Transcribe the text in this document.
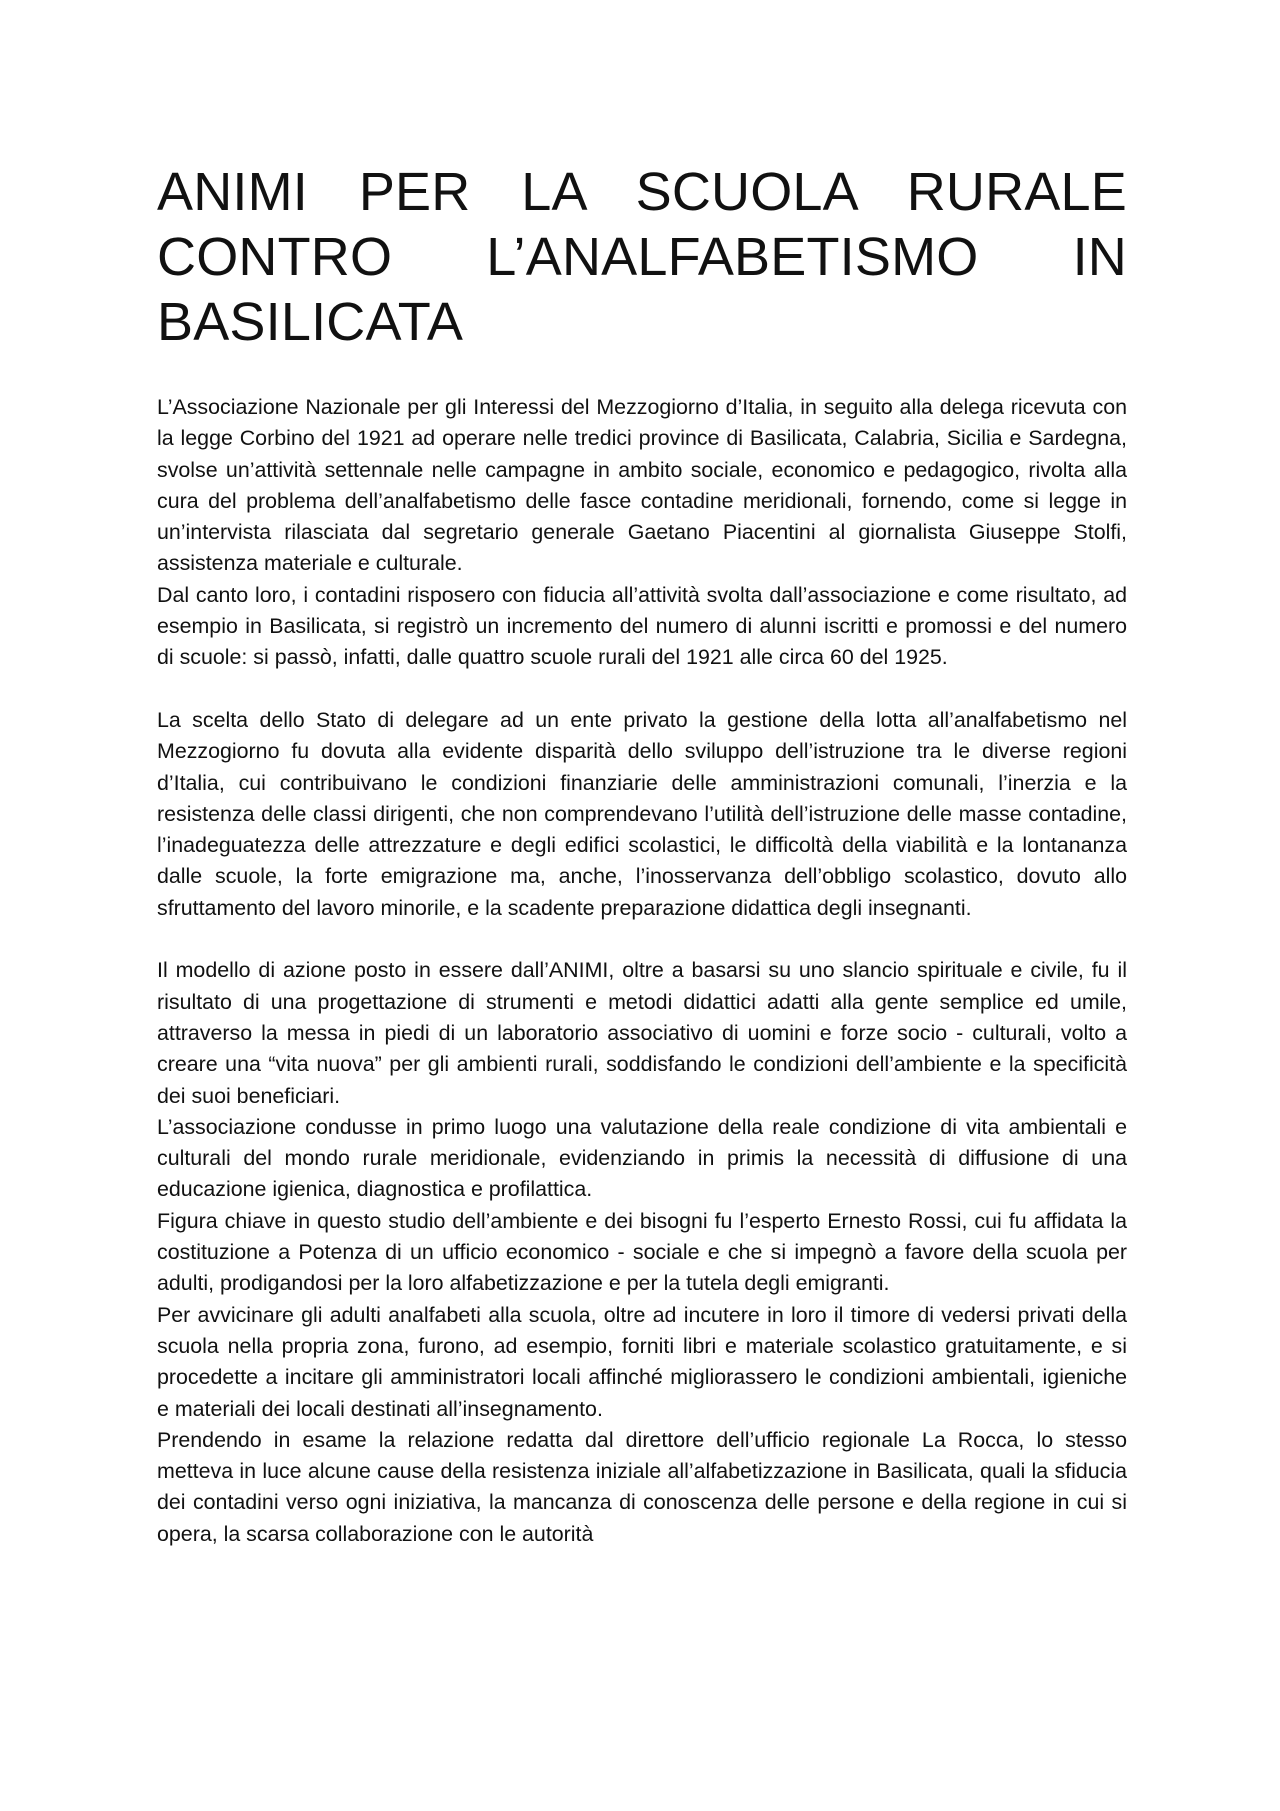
ANIMI PER LA SCUOLA RURALE CONTRO L’ANALFABETISMO IN BASILICATA

L’Associazione Nazionale per gli Interessi del Mezzogiorno d’Italia, in seguito alla delega ricevuta con la legge Corbino del 1921 ad operare nelle tredici province di Basilicata, Calabria, Sicilia e Sardegna, svolse un’attività settennale nelle campagne in ambito sociale, economico e pedagogico, rivolta alla cura del problema dell’analfabetismo delle fasce contadine meridionali, fornendo, come si legge in un’intervista rilasciata dal segretario generale Gaetano Piacentini al giornalista Giuseppe Stolfi, assistenza materiale e culturale.

Dal canto loro, i contadini risposero con fiducia all’attività svolta dall’associazione e come risultato, ad esempio in Basilicata, si registrò un incremento del numero di alunni iscritti e promossi e del numero di scuole: si passò, infatti, dalle quattro scuole rurali del 1921 alle circa 60 del 1925.

La scelta dello Stato di delegare ad un ente privato la gestione della lotta all’analfabetismo nel Mezzogiorno fu dovuta alla evidente disparità dello sviluppo dell’istruzione tra le diverse regioni d’Italia, cui contribuivano le condizioni finanziarie delle amministrazioni comunali, l’inerzia e la resistenza delle classi dirigenti, che non comprendevano l’utilità dell’istruzione delle masse contadine, l’inadeguatezza delle attrezzature e degli edifici scolastici, le difficoltà della viabilità e la lontananza dalle scuole, la forte emigrazione ma, anche, l’inosservanza dell’obbligo scolastico, dovuto allo sfruttamento del lavoro minorile, e la scadente preparazione didattica degli insegnanti.

Il modello di azione posto in essere dall’ANIMI, oltre a basarsi su uno slancio spirituale e civile, fu il risultato di una progettazione di strumenti e metodi didattici adatti alla gente semplice ed umile, attraverso la messa in piedi di un laboratorio associativo di uomini e forze socio - culturali, volto a creare una “vita nuova” per gli ambienti rurali, soddisfando le condizioni dell’ambiente e la specificità dei suoi beneficiari.

L’associazione condusse in primo luogo una valutazione della reale condizione di vita ambientali e culturali del mondo rurale meridionale, evidenziando in primis la necessità di diffusione di una educazione igienica, diagnostica e profilattica.

Figura chiave in questo studio dell’ambiente e dei bisogni fu l’esperto Ernesto Rossi, cui fu affidata la costituzione a Potenza di un ufficio economico - sociale e che si impegnò a favore della scuola per adulti, prodigandosi per la loro alfabetizzazione e per la tutela degli emigranti.

Per avvicinare gli adulti analfabeti alla scuola, oltre ad incutere in loro il timore di vedersi privati della scuola nella propria zona, furono, ad esempio, forniti libri e materiale scolastico gratuitamente, e si procedette a incitare gli amministratori locali affinché migliorassero le condizioni ambientali, igieniche e materiali dei locali destinati all’insegnamento.

Prendendo in esame la relazione redatta dal direttore dell’ufficio regionale La Rocca, lo stesso metteva in luce alcune cause della resistenza iniziale all’alfabetizzazione in Basilicata, quali la sfiducia dei contadini verso ogni iniziativa, la mancanza di conoscenza delle persone e della regione in cui si opera, la scarsa collaborazione con le autorità
